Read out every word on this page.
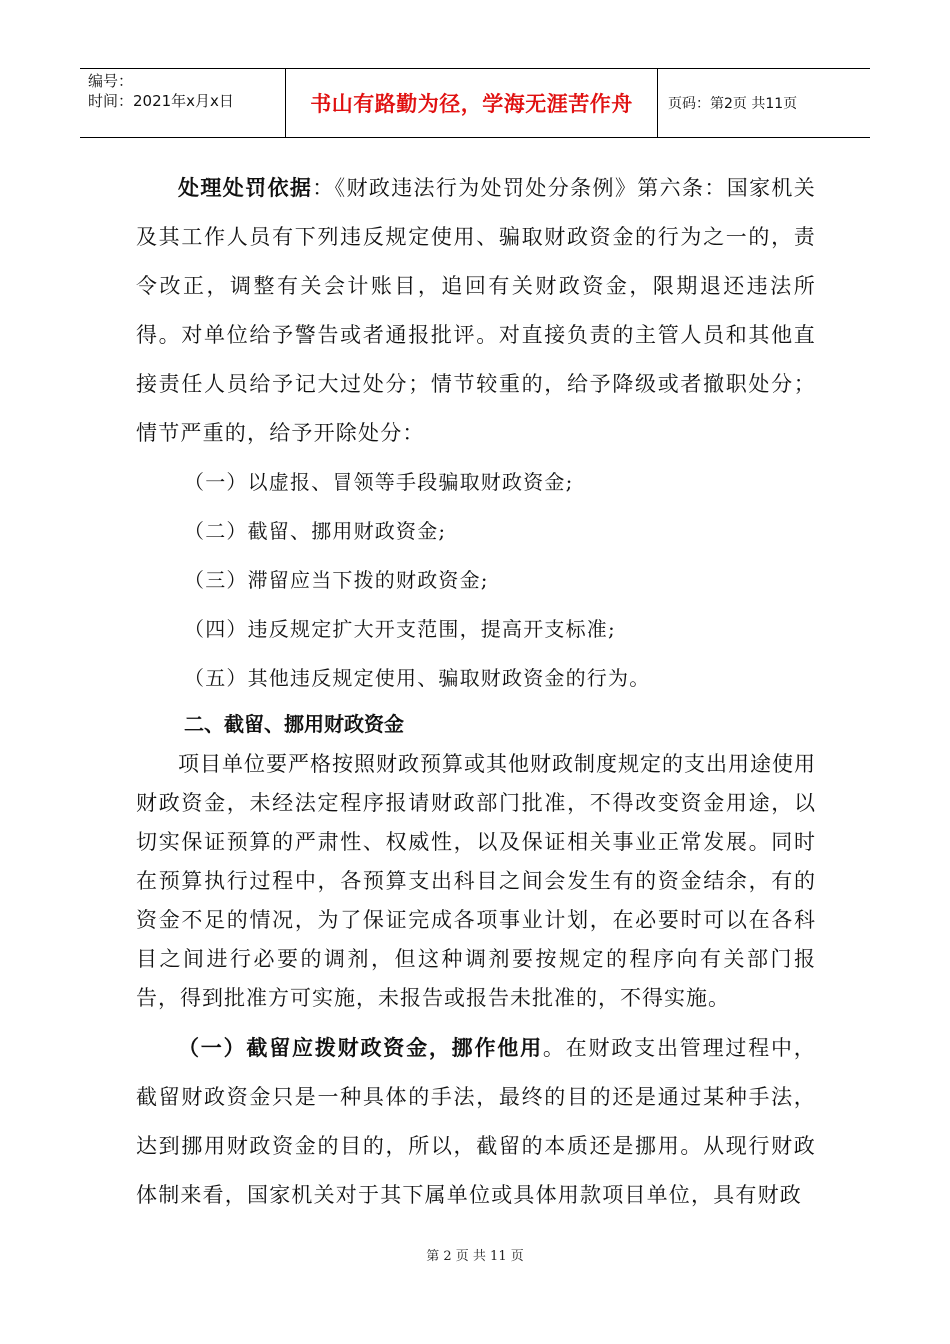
编号：
时间：2021年x月x日	书山有路勤为径，学海无涯苦作舟	页码：第2页 共11页

处理处罚依据：《财政违法行为处罚处分条例》第六条：国家机关及其工作人员有下列违反规定使用、骗取财政资金的行为之一的，责令改正，调整有关会计账目，追回有关财政资金，限期退还违法所得。对单位给予警告或者通报批评。对直接负责的主管人员和其他直接责任人员给予记大过处分；情节较重的，给予降级或者撤职处分；情节严重的，给予开除处分：

（一）以虚报、冒领等手段骗取财政资金;

（二）截留、挪用财政资金;

（三）滞留应当下拨的财政资金;

（四）违反规定扩大开支范围，提高开支标准;

（五）其他违反规定使用、骗取财政资金的行为。

二、截留、挪用财政资金

项目单位要严格按照财政预算或其他财政制度规定的支出用途使用财政资金，未经法定程序报请财政部门批准，不得改变资金用途，以切实保证预算的严肃性、权威性，以及保证相关事业正常发展。同时在预算执行过程中，各预算支出科目之间会发生有的资金结余，有的资金不足的情况，为了保证完成各项事业计划，在必要时可以在各科目之间进行必要的调剂，但这种调剂要按规定的程序向有关部门报告，得到批准方可实施，未报告或报告未批准的，不得实施。

（一）截留应拨财政资金，挪作他用。在财政支出管理过程中，截留财政资金只是一种具体的手法，最终的目的还是通过某种手法，达到挪用财政资金的目的，所以，截留的本质还是挪用。从现行财政体制来看，国家机关对于其下属单位或具体用款项目单位，具有财政

第 2 页 共 11 页
